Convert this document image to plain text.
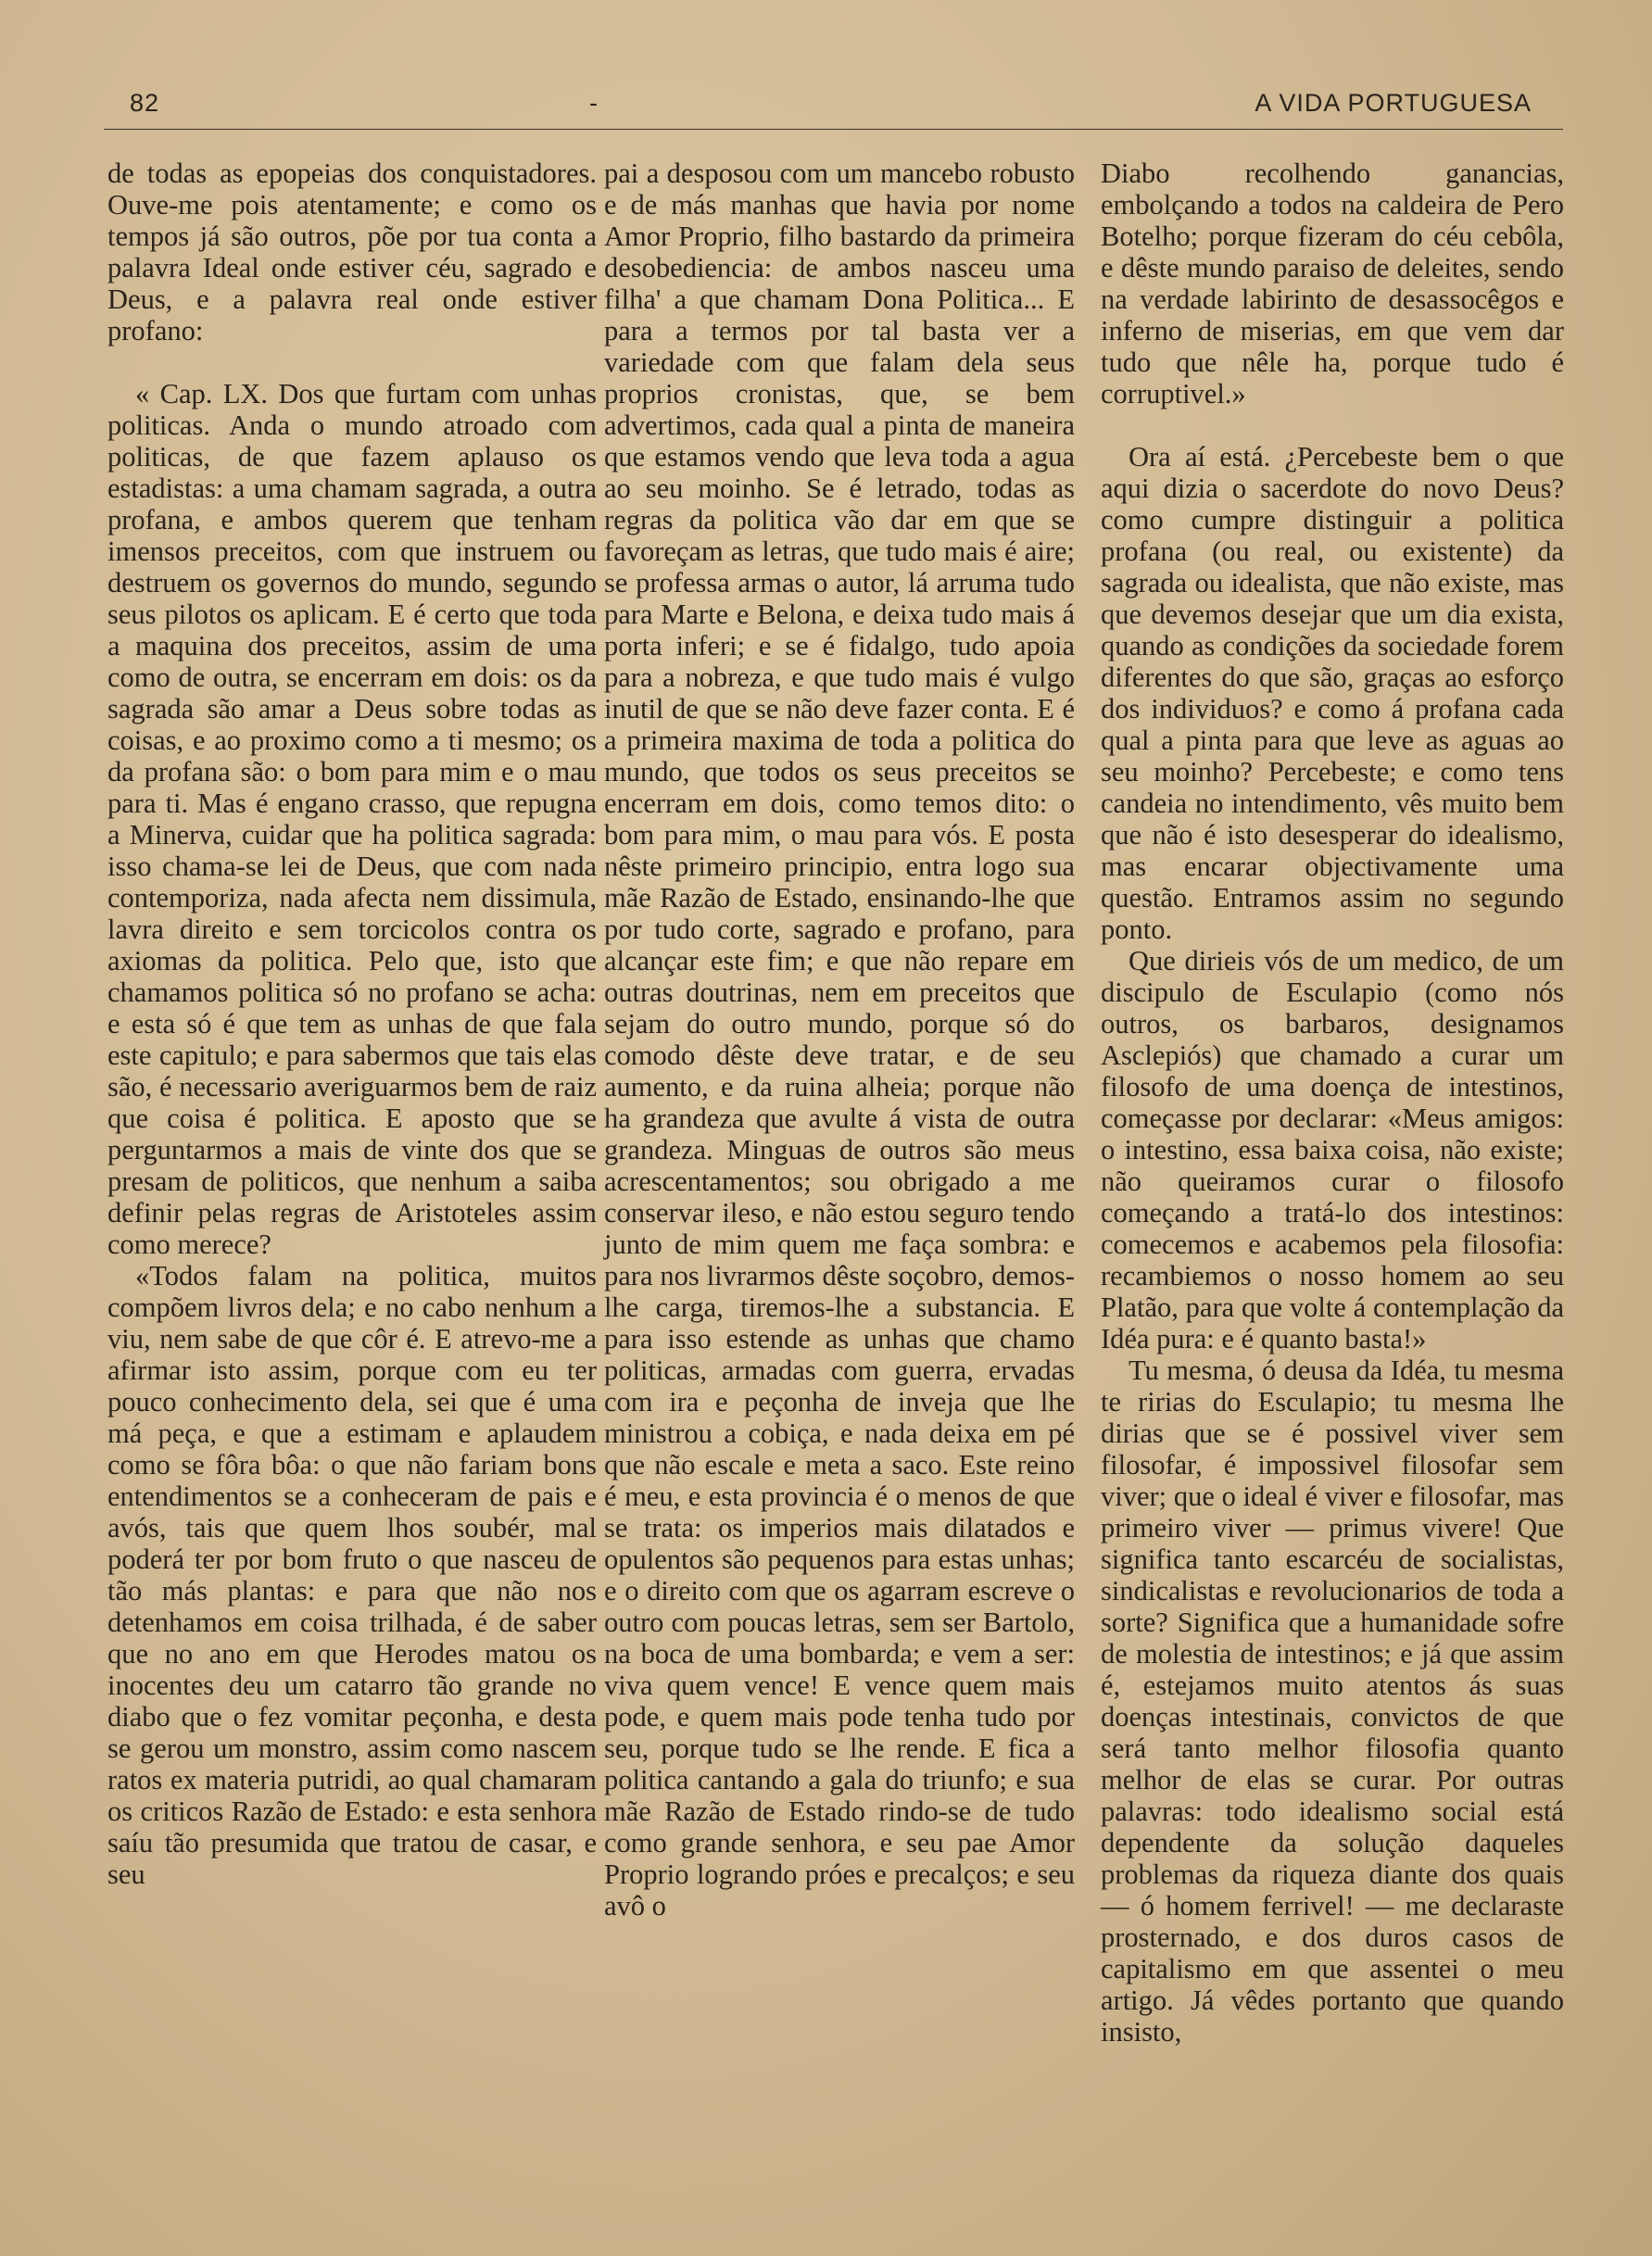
82	-	A VIDA PORTUGUESA

de todas as epopeias dos conquistadores. Ouve-me pois atentamente; e como os tempos já são outros, põe por tua conta a palavra Ideal onde estiver céu, sagrado e Deus, e a palavra real onde estiver profano:

« Cap. LX. Dos que furtam com unhas politicas. Anda o mundo atroado com politicas, de que fazem aplauso os estadistas: a uma chamam sagrada, a outra profana, e ambos querem que tenham imensos preceitos, com que instruem ou destruem os governos do mundo, segundo seus pilotos os aplicam. E é certo que toda a maquina dos preceitos, assim de uma como de outra, se encerram em dois: os da sagrada são amar a Deus sobre todas as coisas, e ao proximo como a ti mesmo; os da profana são: o bom para mim e o mau para ti. Mas é engano crasso, que repugna a Minerva, cuidar que ha politica sagrada: isso chama-se lei de Deus, que com nada contemporiza, nada afecta nem dissimula, lavra direito e sem torcicolos contra os axiomas da politica. Pelo que, isto que chamamos politica só no profano se acha: e esta só é que tem as unhas de que fala este capitulo; e para sabermos que tais elas são, é necessario averiguarmos bem de raiz que coisa é politica. E aposto que se perguntarmos a mais de vinte dos que se presam de politicos, que nenhum a saiba definir pelas regras de Aristoteles assim como merece?

«Todos falam na politica, muitos compõem livros dela; e no cabo nenhum a viu, nem sabe de que côr é. E atrevo-me a afirmar isto assim, porque com eu ter pouco conhecimento dela, sei que é uma má peça, e que a estimam e aplaudem como se fôra bôa: o que não fariam bons entendimentos se a conheceram de pais e avós, tais que quem lhos soubér, mal poderá ter por bom fruto o que nasceu de tão más plantas: e para que não nos detenhamos em coisa trilhada, é de saber que no ano em que Herodes matou os inocentes deu um catarro tão grande no diabo que o fez vomitar peçonha, e desta se gerou um monstro, assim como nascem ratos ex materia putridi, ao qual chamaram os criticos Razão de Estado: e esta senhora saíu tão presumida que tratou de casar, e seu

pai a desposou com um mancebo robusto e de más manhas que havia por nome Amor Proprio, filho bastardo da primeira desobediencia: de ambos nasceu uma filha' a que chamam Dona Politica... E para a termos por tal basta ver a variedade com que falam dela seus proprios cronistas, que, se bem advertimos, cada qual a pinta de maneira que estamos vendo que leva toda a agua ao seu moinho. Se é letrado, todas as regras da politica vão dar em que se favoreçam as letras, que tudo mais é aire; se professa armas o autor, lá arruma tudo para Marte e Belona, e deixa tudo mais á porta inferi; e se é fidalgo, tudo apoia para a nobreza, e que tudo mais é vulgo inutil de que se não deve fazer conta. E é a primeira maxima de toda a politica do mundo, que todos os seus preceitos se encerram em dois, como temos dito: o bom para mim, o mau para vós. E posta nêste primeiro principio, entra logo sua mãe Razão de Estado, ensinando-lhe que por tudo corte, sagrado e profano, para alcançar este fim; e que não repare em outras doutrinas, nem em preceitos que sejam do outro mundo, porque só do comodo dêste deve tratar, e de seu aumento, e da ruina alheia; porque não ha grandeza que avulte á vista de outra grandeza. Minguas de outros são meus acrescentamentos; sou obrigado a me conservar ileso, e não estou seguro tendo junto de mim quem me faça sombra: e para nos livrarmos dêste soçobro, demos-lhe carga, tiremos-lhe a substancia. E para isso estende as unhas que chamo politicas, armadas com guerra, ervadas com ira e peçonha de inveja que lhe ministrou a cobiça, e nada deixa em pé que não escale e meta a saco. Este reino é meu, e esta provincia é o menos de que se trata: os imperios mais dilatados e opulentos são pequenos para estas unhas; e o direito com que os agarram escreve o outro com poucas letras, sem ser Bartolo, na boca de uma bombarda; e vem a ser: viva quem vence! E vence quem mais pode, e quem mais pode tenha tudo por seu, porque tudo se lhe rende. E fica a politica cantando a gala do triunfo; e sua mãe Razão de Estado rindo-se de tudo como grande senhora, e seu pae Amor Proprio logrando próes e precalços; e seu avô o

Diabo recolhendo ganancias, embolçando a todos na caldeira de Pero Botelho; porque fizeram do céu cebôla, e dêste mundo paraiso de deleites, sendo na verdade labirinto de desassocêgos e inferno de miserias, em que vem dar tudo que nêle ha, porque tudo é corruptivel.»

Ora aí está. ¿Percebeste bem o que aqui dizia o sacerdote do novo Deus? como cumpre distinguir a politica profana (ou real, ou existente) da sagrada ou idealista, que não existe, mas que devemos desejar que um dia exista, quando as condições da sociedade forem diferentes do que são, graças ao esforço dos individuos? e como á profana cada qual a pinta para que leve as aguas ao seu moinho? Percebeste; e como tens candeia no intendimento, vês muito bem que não é isto desesperar do idealismo, mas encarar objectivamente uma questão. Entramos assim no segundo ponto.

Que dirieis vós de um medico, de um discipulo de Esculapio (como nós outros, os barbaros, designamos Asclepiós) que chamado a curar um filosofo de uma doença de intestinos, começasse por declarar: «Meus amigos: o intestino, essa baixa coisa, não existe; não queiramos curar o filosofo começando a tratá-lo dos intestinos: comecemos e acabemos pela filosofia: recambiemos o nosso homem ao seu Platão, para que volte á contemplação da Idéa pura: e é quanto basta!»

Tu mesma, ó deusa da Idéa, tu mesma te ririas do Esculapio; tu mesma lhe dirias que se é possivel viver sem filosofar, é impossivel filosofar sem viver; que o ideal é viver e filosofar, mas primeiro viver — primus vivere! Que significa tanto escarcéu de socialistas, sindicalistas e revolucionarios de toda a sorte? Significa que a humanidade sofre de molestia de intestinos; e já que assim é, estejamos muito atentos ás suas doenças intestinais, convictos de que será tanto melhor filosofia quanto melhor de elas se curar. Por outras palavras: todo idealismo social está dependente da solução daqueles problemas da riqueza diante dos quais — ó homem ferrivel! — me declaraste prosternado, e dos duros casos de capitalismo em que assentei o meu artigo. Já vêdes portanto que quando insisto,
